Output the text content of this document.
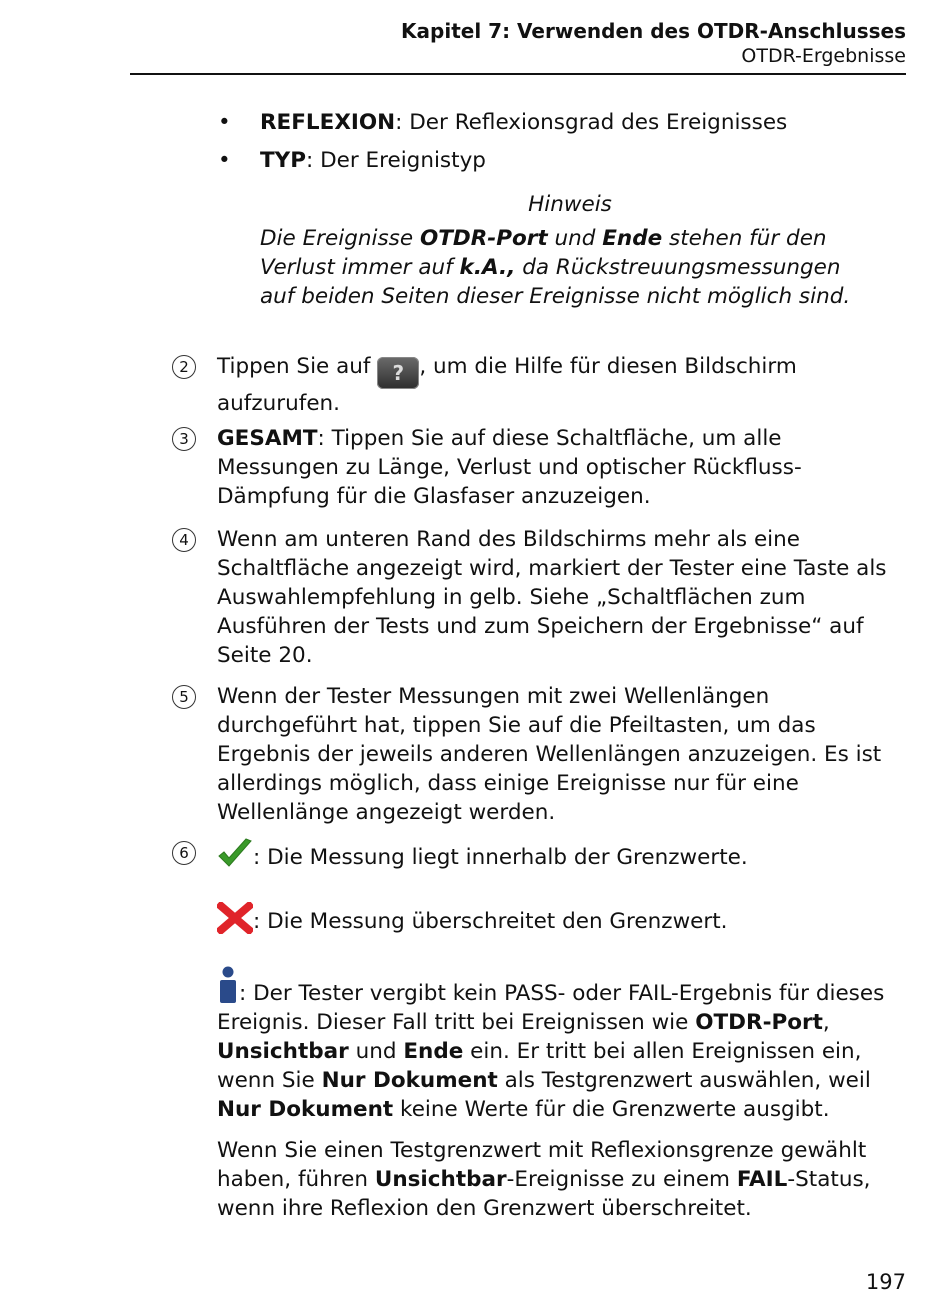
Kapitel 7: Verwenden des OTDR-Anschlusses
OTDR-Ergebnisse
• REFLEXION: Der Reflexionsgrad des Ereignisses
• TYP: Der Ereignistyp
Hinweis
Die Ereignisse OTDR-Port und Ende stehen für den Verlust immer auf k.A., da Rückstreuungsmessungen auf beiden Seiten dieser Ereignisse nicht möglich sind.
2	Tippen Sie auf ? , um die Hilfe für diesen Bildschirm aufzurufen.
3	GESAMT: Tippen Sie auf diese Schaltfläche, um alle Messungen zu Länge, Verlust und optischer Rückfluss-Dämpfung für die Glasfaser anzuzeigen.
4	Wenn am unteren Rand des Bildschirms mehr als eine Schaltfläche angezeigt wird, markiert der Tester eine Taste als Auswahlempfehlung in gelb. Siehe „Schaltflächen zum Ausführen der Tests und zum Speichern der Ergebnisse“ auf Seite 20.
5	Wenn der Tester Messungen mit zwei Wellenlängen durchgeführt hat, tippen Sie auf die Pfeiltasten, um das Ergebnis der jeweils anderen Wellenlängen anzuzeigen. Es ist allerdings möglich, dass einige Ereignisse nur für eine Wellenlänge angezeigt werden.
6	: Die Messung liegt innerhalb der Grenzwerte.
: Die Messung überschreitet den Grenzwert.
: Der Tester vergibt kein PASS- oder FAIL-Ergebnis für dieses Ereignis. Dieser Fall tritt bei Ereignissen wie OTDR-Port, Unsichtbar und Ende ein. Er tritt bei allen Ereignissen ein, wenn Sie Nur Dokument als Testgrenzwert auswählen, weil Nur Dokument keine Werte für die Grenzwerte ausgibt.
Wenn Sie einen Testgrenzwert mit Reflexionsgrenze gewählt haben, führen Unsichtbar-Ereignisse zu einem FAIL-Status, wenn ihre Reflexion den Grenzwert überschreitet.
197
